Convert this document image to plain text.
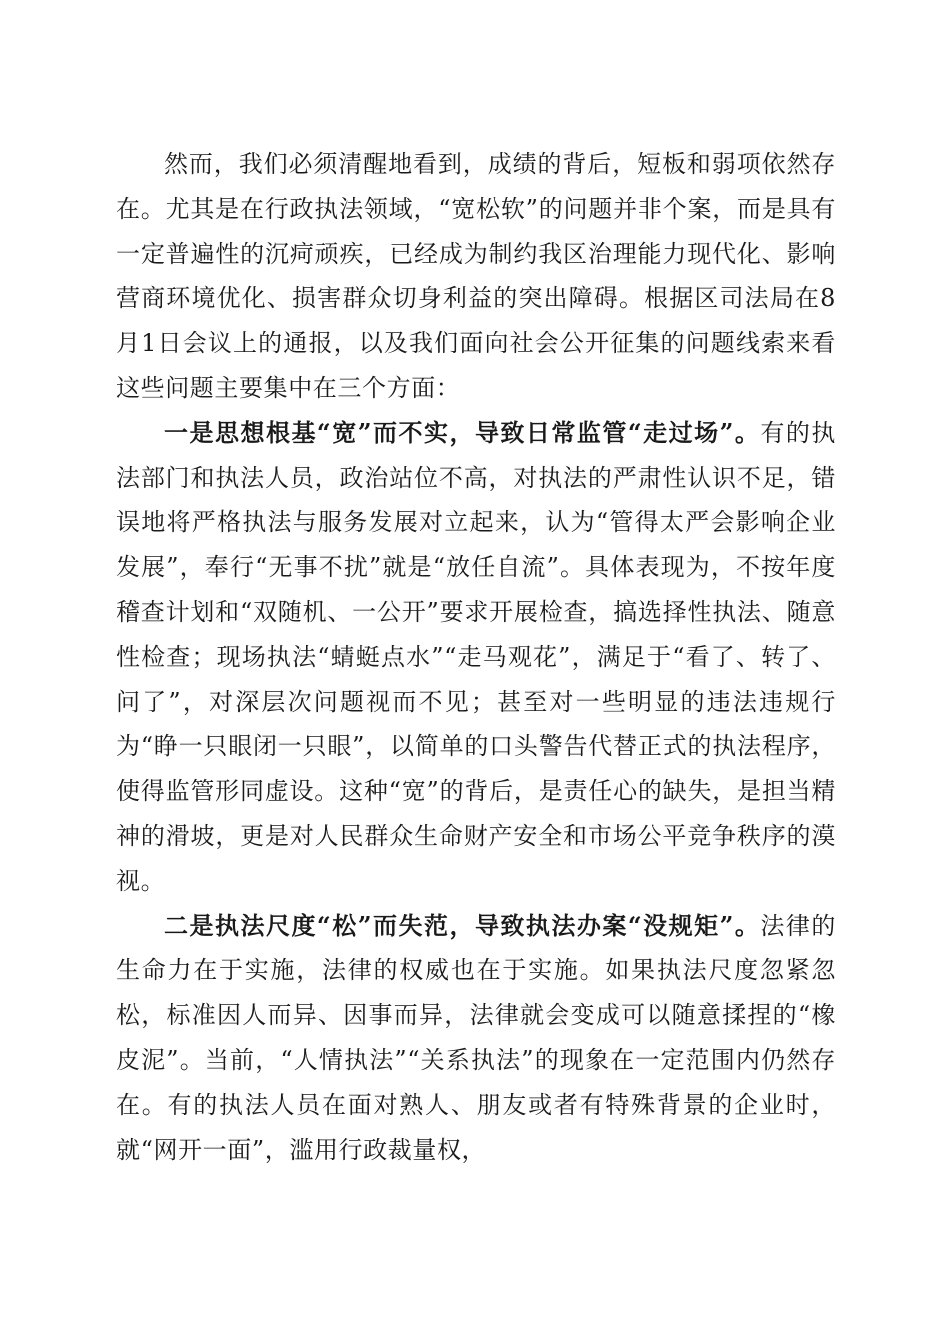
然而，我们必须清醒地看到，成绩的背后，短板和弱项依然存在。尤其是在行政执法领域，“宽松软”的问题并非个案，而是具有一定普遍性的沉疴顽疾，已经成为制约我区治理能力现代化、影响营商环境优化、损害群众切身利益的突出障碍。根据区司法局在8月1日会议上的通报，以及我们面向社会公开征集的问题线索来看这些问题主要集中在三个方面：

一是思想根基“宽”而不实，导致日常监管“走过场”。有的执法部门和执法人员，政治站位不高，对执法的严肃性认识不足，错误地将严格执法与服务发展对立起来，认为“管得太严会影响企业发展”，奉行“无事不扰”就是“放任自流”。具体表现为，不按年度稽查计划和“双随机、一公开”要求开展检查，搞选择性执法、随意性检查；现场执法“蜻蜓点水”“走马观花”，满足于“看了、转了、问了”，对深层次问题视而不见；甚至对一些明显的违法违规行为“睁一只眼闭一只眼”，以简单的口头警告代替正式的执法程序，使得监管形同虚设。这种“宽”的背后，是责任心的缺失，是担当精神的滑坡，更是对人民群众生命财产安全和市场公平竞争秩序的漠视。

二是执法尺度“松”而失范，导致执法办案“没规矩”。法律的生命力在于实施，法律的权威也在于实施。如果执法尺度忽紧忽松，标准因人而异、因事而异，法律就会变成可以随意揉捏的“橡皮泥”。当前，“人情执法”“关系执法”的现象在一定范围内仍然存在。有的执法人员在面对熟人、朋友或者有特殊背景的企业时，就“网开一面”，滥用行政裁量权，
